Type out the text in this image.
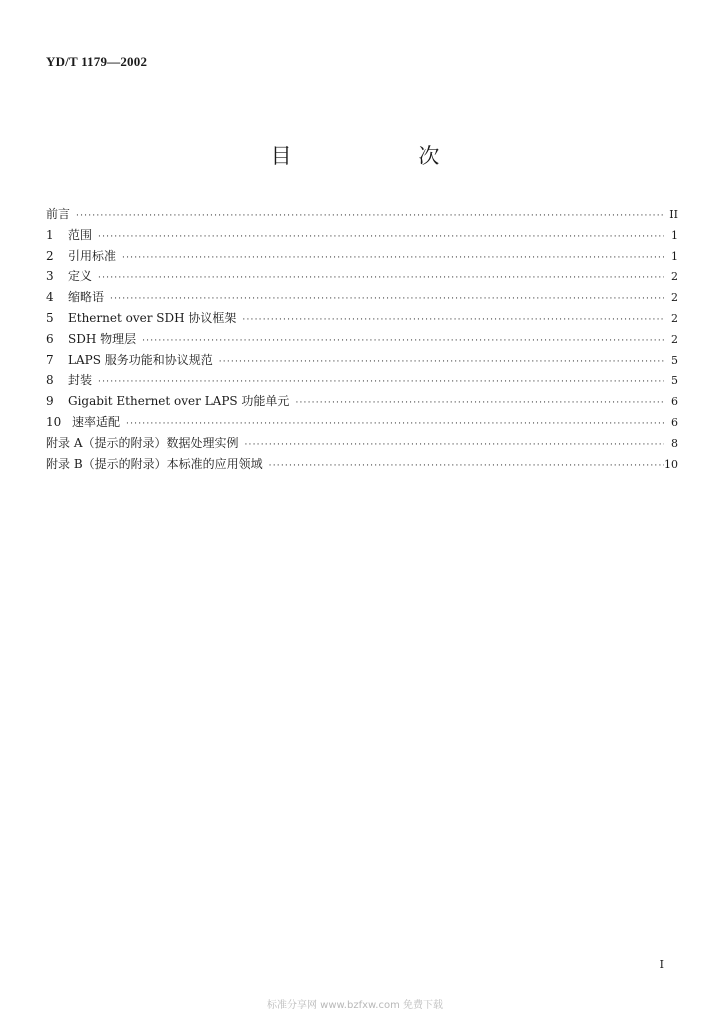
YD/T 1179—2002
目 次
前言 ·····	II
1	范围 ·····	1
2	引用标准 ·····	1
3	定义 ·····	2
4	缩略语 ·····	2
5	Ethernet over SDH 协议框架 ·····	2
6	SDH 物理层 ·····	2
7	LAPS 服务功能和协议规范 ·····	5
8	封装 ·····	5
9	Gigabit Ethernet over LAPS 功能单元 ·····	6
10 速率适配 ·····	6
附录 A（提示的附录）数据处理实例 ·····	8
附录 B（提示的附录）本标准的应用领域 ·····	10
I
标准分享网 www.bzfxw.com 免费下载
